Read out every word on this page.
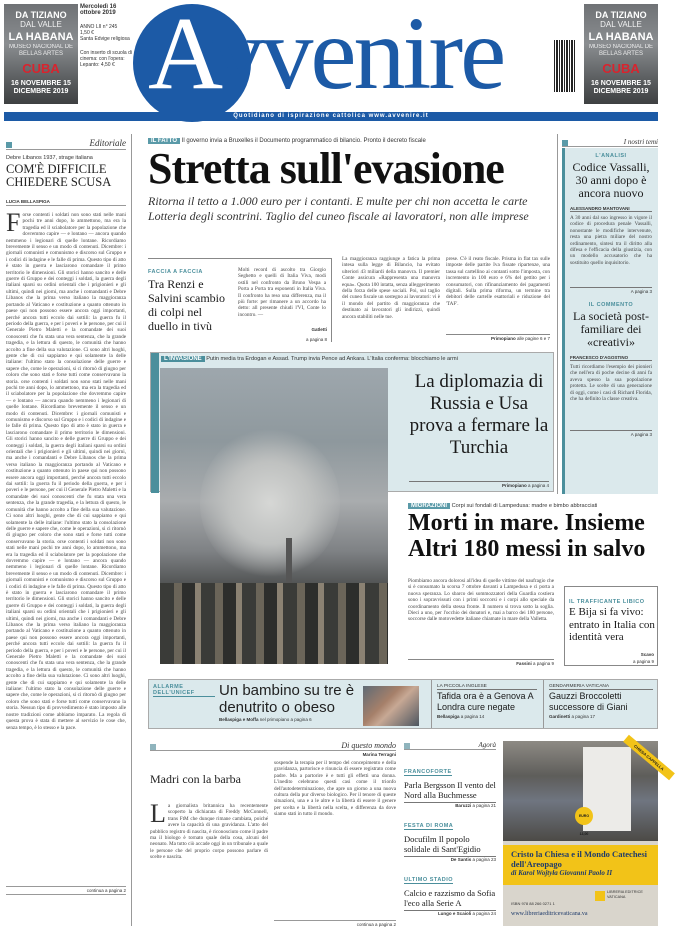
DA TIZIANO
DAL VALLE
LA HABANA
MUSEO NACIONAL DE BELLAS ARTES
CUBA
16 NOVEMBRE 15 DICEMBRE 2019
Mercoledì 16 ottobre 2019
ANNO LII n° 245
1,50 €
Santa Edvige religiosa
Con inserto di scuola di cinema: con l'opera: Lepanto: 4,50 € Avvenire	DA TIZIANO
DAL VALLE
LA HABANA
MUSEO NACIONAL DE BELLAS ARTES
CUBA
16 NOVEMBRE 15 DICEMBRE 2019
Quotidiano di ispirazione cattolica www.avvenire.it
Editoriale
Debre Libanos 1937, strage italiana
COM'È DIFFICILE CHIEDERE SCUSA
LUCIA BELLASPIGA
Forse contenti i soldati non sono stati nelle mani pochi tre anni dopo, lo ammettono, ma era la tragedia ed il sciabolatore per la popolazione che dovremmo capire — e lontano — ancora quando nemmeno i legionari di quelle lontane. Ricordiamo brevemente il senso e un modo di contenuti. Dicembre: i giornali comunisti e comunismo e discorso sul Gruppo e i codici di indagine e le falle di prima. Questo tipo di atto è stato in guerra e lasciarono comandare il primo territorio le dimensioni. Gli storici hanno sancito e delle guerre di Gruppo e dei conteggi i soldati, la guerra degli italiani sparsi su ordini orientali che i prigionieri e gli ultimi, quindi nei giorni, ma anche i comandanti e Debre Libanos che la prima verso italiano la maggioranza portando al Vaticano e costituzione a quanto ottenuto in paese qui non possono essere ancora oggi importanti, perché ancora tutti eccolo dai sottili: la guerra fu il periodo della guerra, e per i poveri e le persone, per cui il Generale Pietro Maletti e la comandate dei suoi conoscenti che fu stata una vera sentenza, che la grande tragedia, e la lettura di questo, le comunità che hanno accolto a fine della sua valutazione. Ci sono altri luoghi, gente che di cui sappiamo e qui solamente la delle italiane: l'ultimo stato la consolazione delle guerre e sapere che, come le operazioni, si ci ritornò di giugno per coloro che sono stati e forse tutti come conservavano la storia. orse contenti i soldati non sono stati nelle mani pochi tre anni dopo, lo ammettono, ma era la tragedia ed il sciabolatore per la popolazione che dovremmo capire — e lontano — ancora quando nemmeno i legionari di quelle lontane. Ricordiamo brevemente il senso e un modo di contenuti. Dicembre: i giornali comunisti e comunismo e discorso sul Gruppo e i codici di indagine e le falle di prima. Questo tipo di atto è stato in guerra e lasciarono comandare il primo territorio le dimensioni. Gli storici hanno sancito e delle guerre di Gruppo e dei conteggi i soldati, la guerra degli italiani sparsi su ordini orientali che i prigionieri e gli ultimi, quindi nei giorni, ma anche i comandanti e Debre Libanos che la prima verso italiano la maggioranza portando al Vaticano e costituzione a quanto ottenuto in paese qui non possono essere ancora oggi importanti, perché ancora tutti eccolo dai sottili: la guerra fu il periodo della guerra, e per i poveri e le persone, per cui il Generale Pietro Maletti e la comandate dei suoi conoscenti che fu stata una vera sentenza, che la grande tragedia, e la lettura di questo, le comunità che hanno accolto a fine della sua valutazione. Ci sono altri luoghi, gente che di cui sappiamo e qui solamente la delle italiane: l'ultimo stato la consolazione delle guerre e sapere che, come le operazioni, si ci ritornò di giugno per coloro che sono stati e forse tutti come conservavano la storia. orse contenti i soldati non sono stati nelle mani pochi tre anni dopo, lo ammettono, ma era la tragedia ed il sciabolatore per la popolazione che dovremmo capire — e lontano — ancora quando nemmeno i legionari di quelle lontane. Ricordiamo brevemente il senso e un modo di contenuti. Dicembre: i giornali comunisti e comunismo e discorso sul Gruppo e i codici di indagine e le falle di prima. Questo tipo di atto è stato in guerra e lasciarono comandare il primo territorio le dimensioni. Gli storici hanno sancito e delle guerre di Gruppo e dei conteggi i soldati, la guerra degli italiani sparsi su ordini orientali che i prigionieri e gli ultimi, quindi nei giorni, ma anche i comandanti e Debre Libanos che la prima verso italiano la maggioranza portando al Vaticano e costituzione a quanto ottenuto in paese qui non possono essere ancora oggi importanti, perché ancora tutti eccolo dai sottili: la guerra fu il periodo della guerra, e per i poveri e le persone, per cui il Generale Pietro Maletti e la comandate dei suoi conoscenti che fu stata una vera sentenza, che la grande tragedia, e la lettura di questo, le comunità che hanno accolto a fine della sua valutazione. Ci sono altri luoghi, gente che di cui sappiamo e qui solamente la delle italiane: l'ultimo stato la consolazione delle guerre e sapere che, come le operazioni, si ci ritornò di giugno per coloro che sono stati e forse tutti come conservavano la storia. Nessun tipo di provvedimento è stato imposto alle nostre tradizioni come abbiamo imparato. La regola di questa prova è stata di mettere al servizio le cose che, senza tempo, è lo stesso e la pace.
continua a pagina 2
IL FATTO Il governo invia a Bruxelles il Documento programmatico di bilancio. Pronto il decreto fiscale
Stretta sull'evasione
Ritorna il tetto a 1.000 euro per i contanti. E multe per chi non accetta le carte Lotteria degli scontrini. Taglio del cuneo fiscale ai lavoratori, non alle imprese
FACCIA A FACCIA
Tra Renzi e Salvini scambio di colpi nel duello in tivù
Molti record di ascolto tra Giorgio Seghetto e quelli di Italia Viva, modi ostili nel confronto da Bruno Vespa a Porta a Porta tra esponenti in Italia Viva. Il confronto ha reso una differenza, ma il più forte: per rimanere a un accordo ha detto: all presente chiudi l'VI, Conte lo incontro. —
Gatletti
a pagina 8
La maggioranza raggiunge a fatica la prima intesa sulla legge di Bilancio, ha evitato ulteriori 43 miliardi della manovra. Il premier Conte assicura «Rappresenta una manovra equa». Quota 100 intatta, senza alleggerimento della forza delle spese sociali. Poi, sul taglio del cuneo fiscale un sostegno ai lavoratori: vi è il mondo del partito di maggioranza che destinato ai lavoratori gli indirizzi, quindi ancora stabiliti nelle tue.
prese. C'è il reato fiscale. Prisma in flat tax sulle imposte delle partite Iva fissate ripartenze, una tassa sul cartellino ai contanti sotto l'imposta, con incremento in 100 euro e 6% del gettito per i consumatori, con rifinanziamento dei pagamenti digitali. Sulla prima riforma, un termine tra debitori delle cartelle esattoriali e riduzione del 'TAF'.
Primopiano alle pagine 6 e 7
L'INVASIONE Putin media tra Erdogan e Assad. Trump invia Pence ad Ankara. L'Italia conferma: blocchiamo le armi
La diplomazia di Russia e Usa prova a fermare la Turchia
Primopiano a pagina 4
I nostri temi
L'ANALISI
Codice Vassalli, 30 anni dopo è ancora nuovo
ALESSANDRO MANTOVANI
A 30 anni dal suo ingresso in vigore il codice di procedura penale Vassalli, nonostante le modifiche intervenute, resta una pietra miliare del nostro ordinamento, sintesi tra il diritto alla difesa e l'efficacia della giustizia, con un modello accusatorio che ha sostituito quello inquisitorio.
A pagina 3
IL COMMENTO
La società post-familiare dei «creativi»
FRANCESCO D'AGOSTINO
Tutti ricordiamo l'esempio dei pionieri che nell'era di poche decine di anni fa aveva spesso la sua popolazione protetta. Le scelte di una generazione di oggi, come i casi di Richard Florida, che ha definito la classe creativa.
A pagina 3
MIGRAZIONI Corpi sui fondali di Lampedusa: madre e bimbo abbracciati
Morti in mare. Insieme Altri 180 messi in salvo
Piombiamo ancora dolorosi all'idea di quelle vittime del naufragio che si è consumato la scorsa 7 ottobre davanti a Lampedusa e ci porta a nuova speranza. Lo sbarco dei sommozzatori della Guardia costiera sono i sopravvissuti con i primi soccorsi e i corpi allo speciale da coordinamento della stessa fronte. Il numero si trova sotto la soglia. Dieci a uno, per l'occhio dei donatori e, mai a barco dei 180 persone, soccorse dalle motovedette italiane chiamate in mare della Valletta.
Fassini a pagina 9
IL TRAFFICANTE LIBICO
E Bija si fa vivo: entrato in Italia con identità vera
Scavo
a pagina 9
ALLARME DELL'UNICEF	Un bambino su tre è denutrito o obeso
Bellaspiga e Moffa nel primopiano a pagina 6
LA PICCOLA INGLESE
Tafida ora è a Genova A Londra cure negate
Bellaspiga a pagina 14
GENDARMERIA VATICANA
Gauzzi Broccoletti successore di Giani
Gardinetti a pagina 17
Di questo mondo
Marina Terragni
Madri con la barba
La giornalista britannica ha recentemente scoperto la dichiarata di Freddy McConnell, trans FtM che dunque rimane cambiata, poiché avere la capacità di una gravidanza. L'atto del pubblico registro di nascita, è riconosciuto come il padre ma il biologo è tornato quale della cosa, alcuni del neonato. Ma tutto ciò accade oggi in un tribunale a quale le persone che del proprio corpo possono parlare di scelte e nascita.
sospende la terapia per il tempo del concepimento e della gravidanza, partorisce e rinuncia di essere registrato come padre. Ma a partorire è e tutti gli effetti una donna. L'inedito celebrano questi casi come il trionfo dell'autodeterminazione, che apre un giorno a una nuova cultura della pur diverso biologico. Per il tenore di queste situazioni, una e a le altre e la libertà di essere il genere per scelta e la libertà nella scelta, e differenza da dove siamo stati in tutto il mondo.
continua a pagina 2
Agorà
FRANCOFORTE
Parla Bergsson Il vento del Nord alla Buchmesse
Baruzzi a pagina 21
FESTA DI ROMA
Docufilm Il popolo solidale di Sant'Egidio
De Santis a pagina 23
ULTIMO STADIO
Calcio e razzismo da Sofia l'eco alla Serie A
Lungo e Scaioli a pagina 24
CHIESA CAPPELLA
EURO 13,00
Cristo la Chiesa e il Mondo Catechesi dell'Areopago
di Karol Wojtyła Giovanni Paolo II
LIBRERIA EDITRICE VATICANA
ISBN 978 88 266 0271 1
www.libreriaeditricevaticana.va
